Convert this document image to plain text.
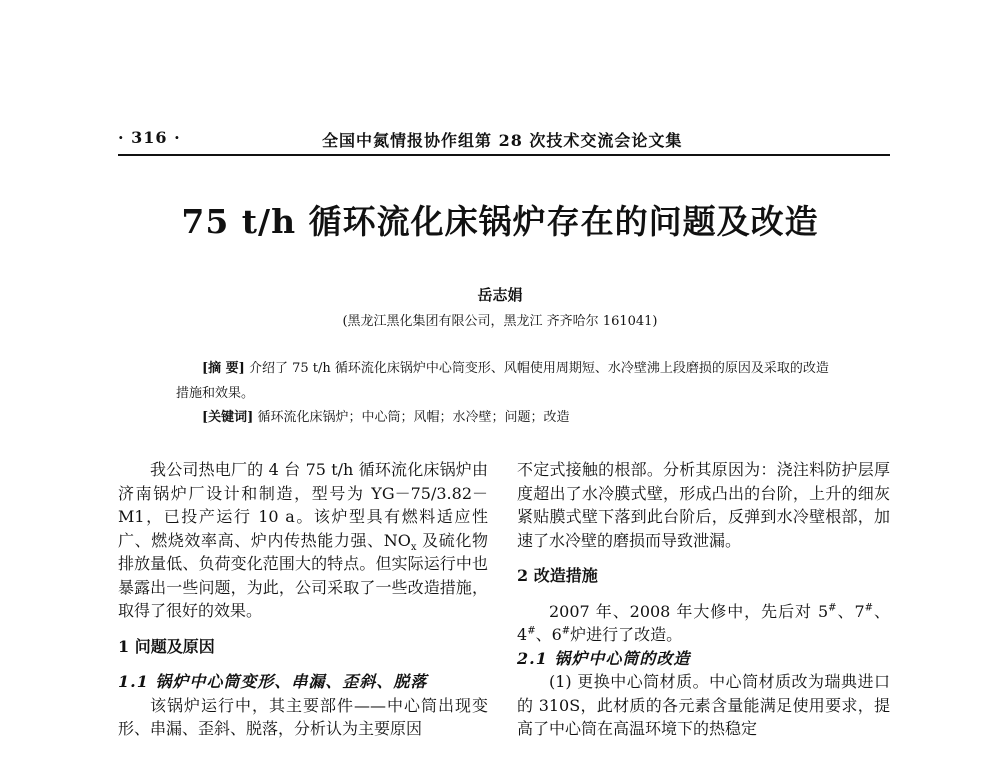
· 316 ·	全国中氮情报协作组第 28 次技术交流会论文集
75 t/h 循环流化床锅炉存在的问题及改造
岳志娟
(黑龙江黑化集团有限公司，黑龙江 齐齐哈尔 161041)
[摘 要] 介绍了 75 t/h 循环流化床锅炉中心筒变形、风帽使用周期短、水冷壁沸上段磨损的原因及采取的改造措施和效果。
[关键词] 循环流化床锅炉；中心筒；风帽；水冷壁；问题；改造

我公司热电厂的 4 台 75 t/h 循环流化床锅炉由济南锅炉厂设计和制造，型号为 YG－75/3.82－M1，已投产运行 10 a。该炉型具有燃料适应性广、燃烧效率高、炉内传热能力强、$NO_x$ 及硫化物排放量低、负荷变化范围大的特点。但实际运行中也暴露出一些问题，为此，公司采取了一些改造措施，取得了很好的效果。

1 问题及原因

1.1 锅炉中心筒变形、串漏、歪斜、脱落

该锅炉运行中，其主要部件——中心筒出现变形、串漏、歪斜、脱落，分析认为主要原因

不定式接触的根部。分析其原因为：浇注料防护层厚度超出了水冷膜式壁，形成凸出的台阶，上升的细灰紧贴膜式壁下落到此台阶后，反弹到水冷壁根部，加速了水冷壁的磨损而导致泄漏。

2 改造措施

2007 年、2008 年大修中，先后对 5#、7#、4#、6#炉进行了改造。

2.1 锅炉中心筒的改造

(1) 更换中心筒材质。中心筒材质改为瑞典进口的 310S，此材质的各元素含量能满足使用要求，提高了中心筒在高温环境下的热稳定
